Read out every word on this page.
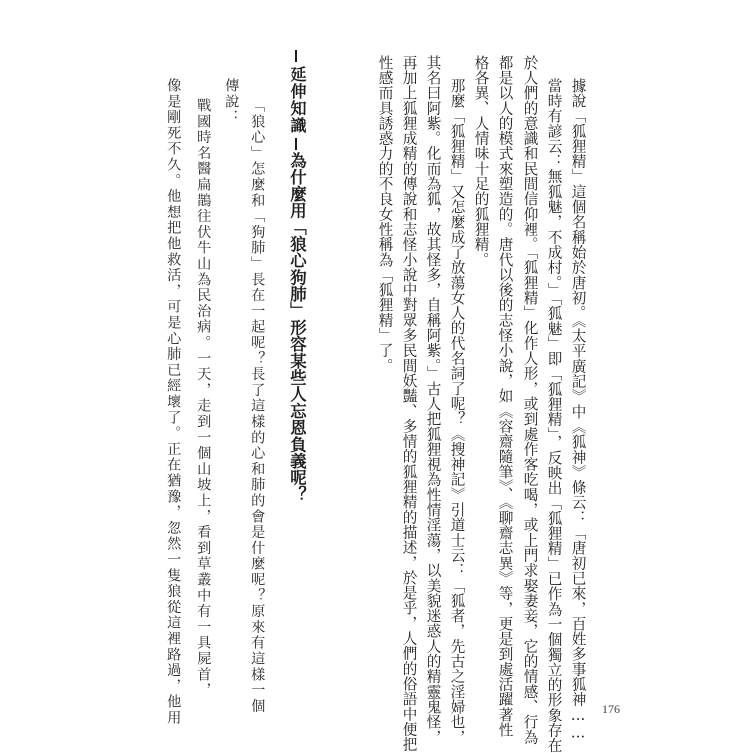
據說「狐狸精」這個名稱始於唐初。《太平廣記》中《狐神》條云：「唐初已來，百姓多事狐神……
當時有諺云：無狐魅，不成村。」「狐魅」即「狐狸精」，反映出「狐狸精」已作為一個獨立的形象存在
於人們的意識和民間信仰裡。「狐狸精」化作人形，或到處作客吃喝，或上門求娶妻妾，它的情感、行為
都是以人的模式來塑造的。唐代以後的志怪小說，如《容齋隨筆》、《聊齋志異》等，更是到處活躍著性
格各異、人情味十足的狐狸精。
那麼「狐狸精」又怎麼成了放蕩女人的代名詞了呢？《搜神記》引道士云：「狐者，先古之淫婦也，
其名曰阿紫。化而為狐，故其怪多，自稱阿紫。」古人把狐狸視為性情淫蕩，以美貌迷惑人的精靈鬼怪，
再加上狐狸成精的傳說和志怪小說中對眾多民間妖豔、多情的狐狸精的描述，於是乎，人們的俗語中便把
性感而具誘惑力的不良女性稱為「狐狸精」了。
延伸知識
為什麼用「狼心狗肺」形容某些人忘恩負義呢？
「狼心」怎麼和「狗肺」長在一起呢？長了這樣的心和肺的會是什麼呢？原來有這樣一個
傳說：
戰國時名醫扁鵲往伏牛山為民治病。一天，走到一個山坡上，看到草叢中有一具屍首，
像是剛死不久。他想把他救活，可是心肺已經壞了。正在猶豫，忽然一隻狼從這裡路過，他用	176
